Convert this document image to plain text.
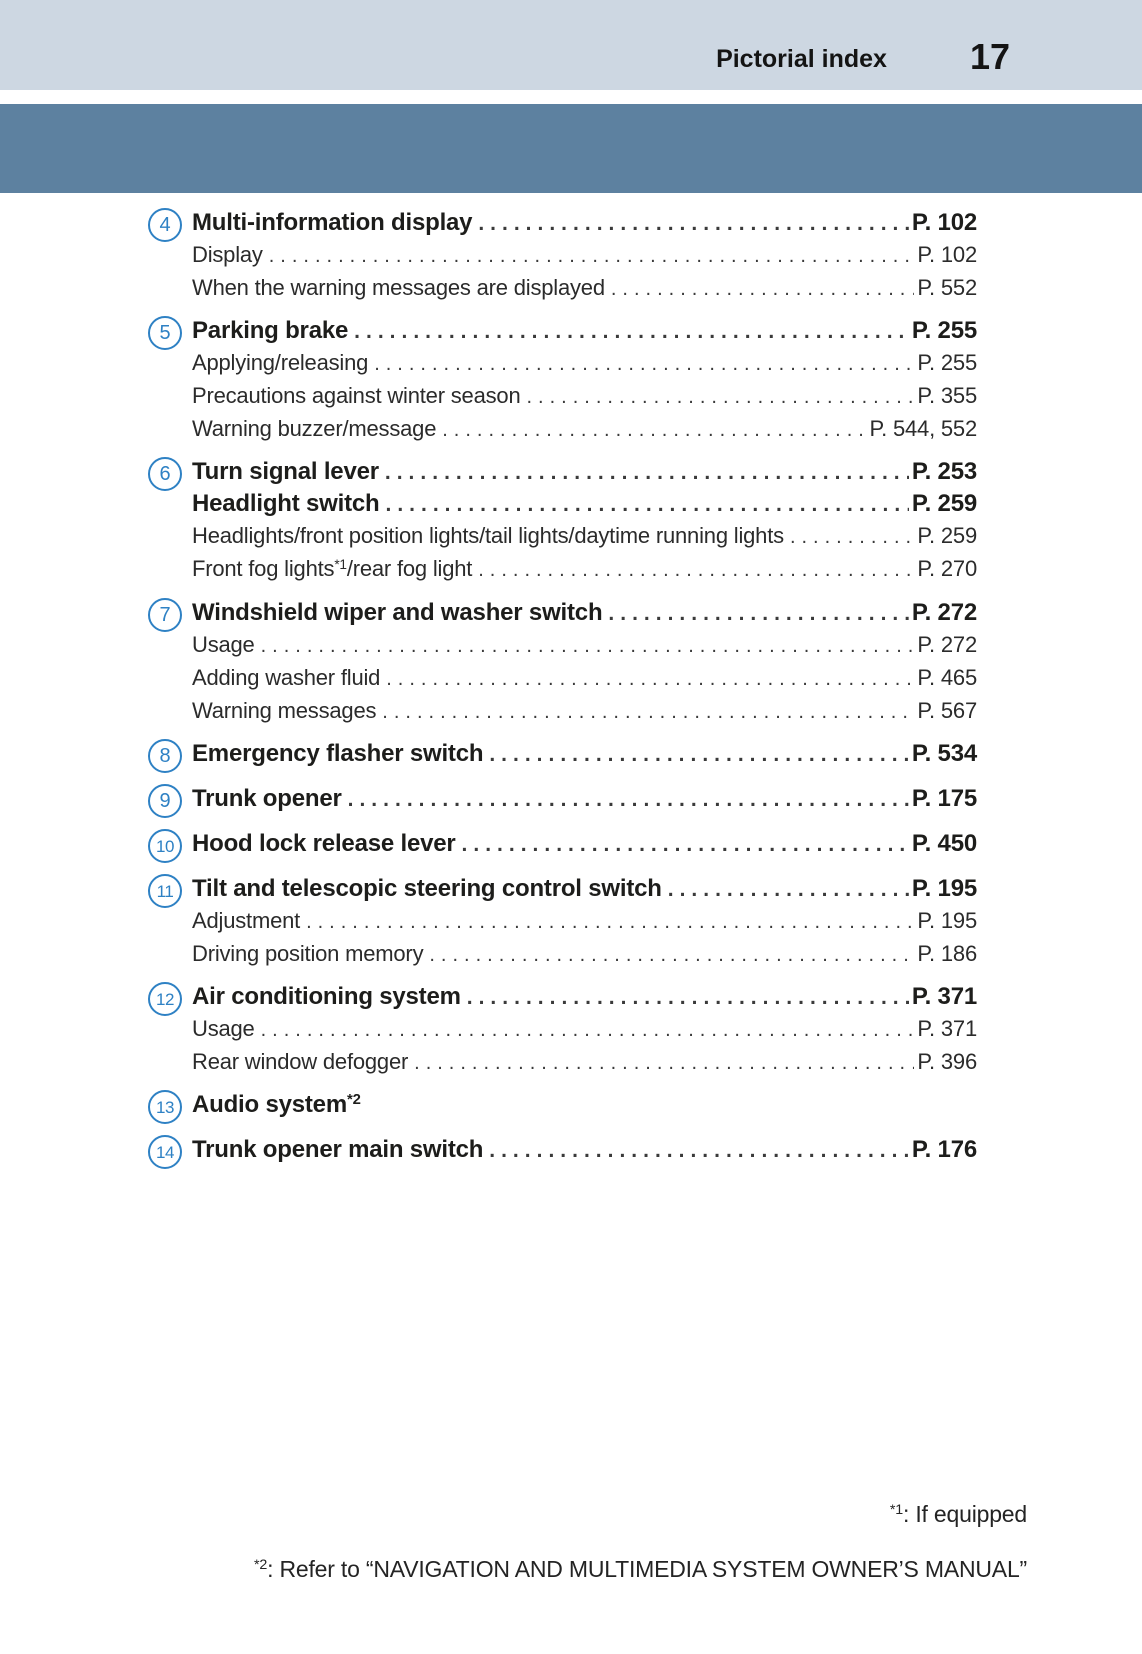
Pictorial index 17
4 Multi-information display .....	P. 102
Display .....	P. 102
When the warning messages are displayed .....	P. 552
5 Parking brake .....	P. 255
Applying/releasing .....	P. 255
Precautions against winter season .....	P. 355
Warning buzzer/message .....	P. 544, 552
6 Turn signal lever .....	P. 253
Headlight switch .....	P. 259
Headlights/front position lights/tail lights/daytime running lights .....	P. 259
Front fog lights$^{*1}$/rear fog light .....	P. 270
7 Windshield wiper and washer switch .....	P. 272
Usage .....	P. 272
Adding washer fluid .....	P. 465
Warning messages .....	P. 567
8 Emergency flasher switch .....	P. 534
9 Trunk opener .....	P. 175
10 Hood lock release lever .....	P. 450
11 Tilt and telescopic steering control switch .....	P. 195
Adjustment .....	P. 195
Driving position memory .....	P. 186
12 Air conditioning system .....	P. 371
Usage .....	P. 371
Rear window defogger .....	P. 396
13 Audio system$^{*2}$
14 Trunk opener main switch .....	P. 176
$^{*1}$: If equipped
$^{*2}$: Refer to “NAVIGATION AND MULTIMEDIA SYSTEM OWNER’S MANUAL”
